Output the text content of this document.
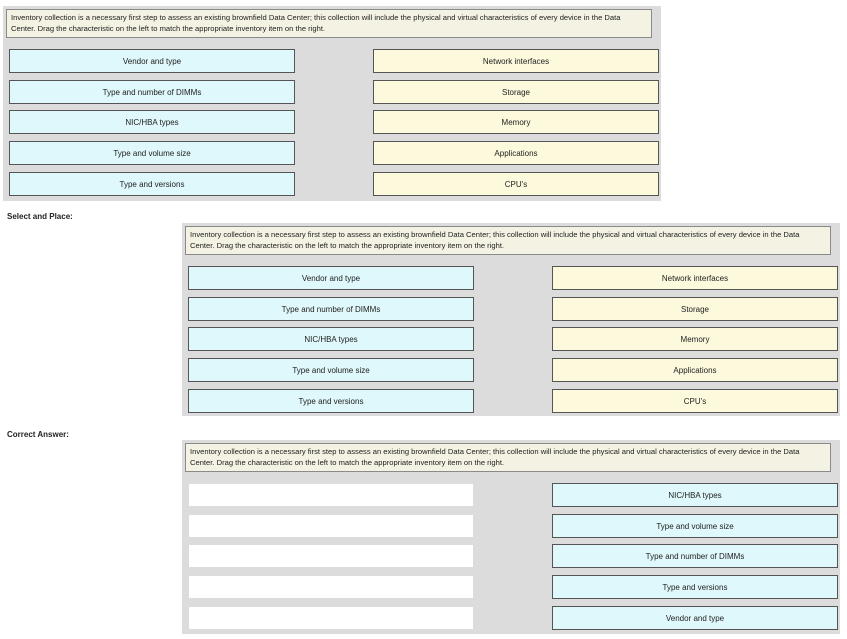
Inventory collection is a necessary first step to assess an existing brownfield Data Center; this collection will include the physical and virtual characteris​tics of every device in the Data Center. Drag the characteristic on the left to match the appropriate inventory item on the right.
Vendor and type
Type and number of DIMMs
NIC/HBA types
Type and volume size
Type and versions
Network interfaces
Storage
Memory
Applications
CPU's
Select and Place:
Inventory collection is a necessary first step to assess an existing brownfield Data Center; this collection will include the physical and virtual characteris​tics of every device in the Data Center. Drag the characteristic on the left to match the appropriate inventory item on the right.
Vendor and type
Type and number of DIMMs
NIC/HBA types
Type and volume size
Type and versions
Network interfaces
Storage
Memory
Applications
CPU's
Correct Answer:
Inventory collection is a necessary first step to assess an existing brownfield Data Center; this collection will include the physical and virtual characteris​tics of every device in the Data Center. Drag the characteristic on the left to match the appropriate inventory item on the right.
NIC/HBA types
Type and volume size
Type and number of DIMMs
Type and versions
Vendor and type
